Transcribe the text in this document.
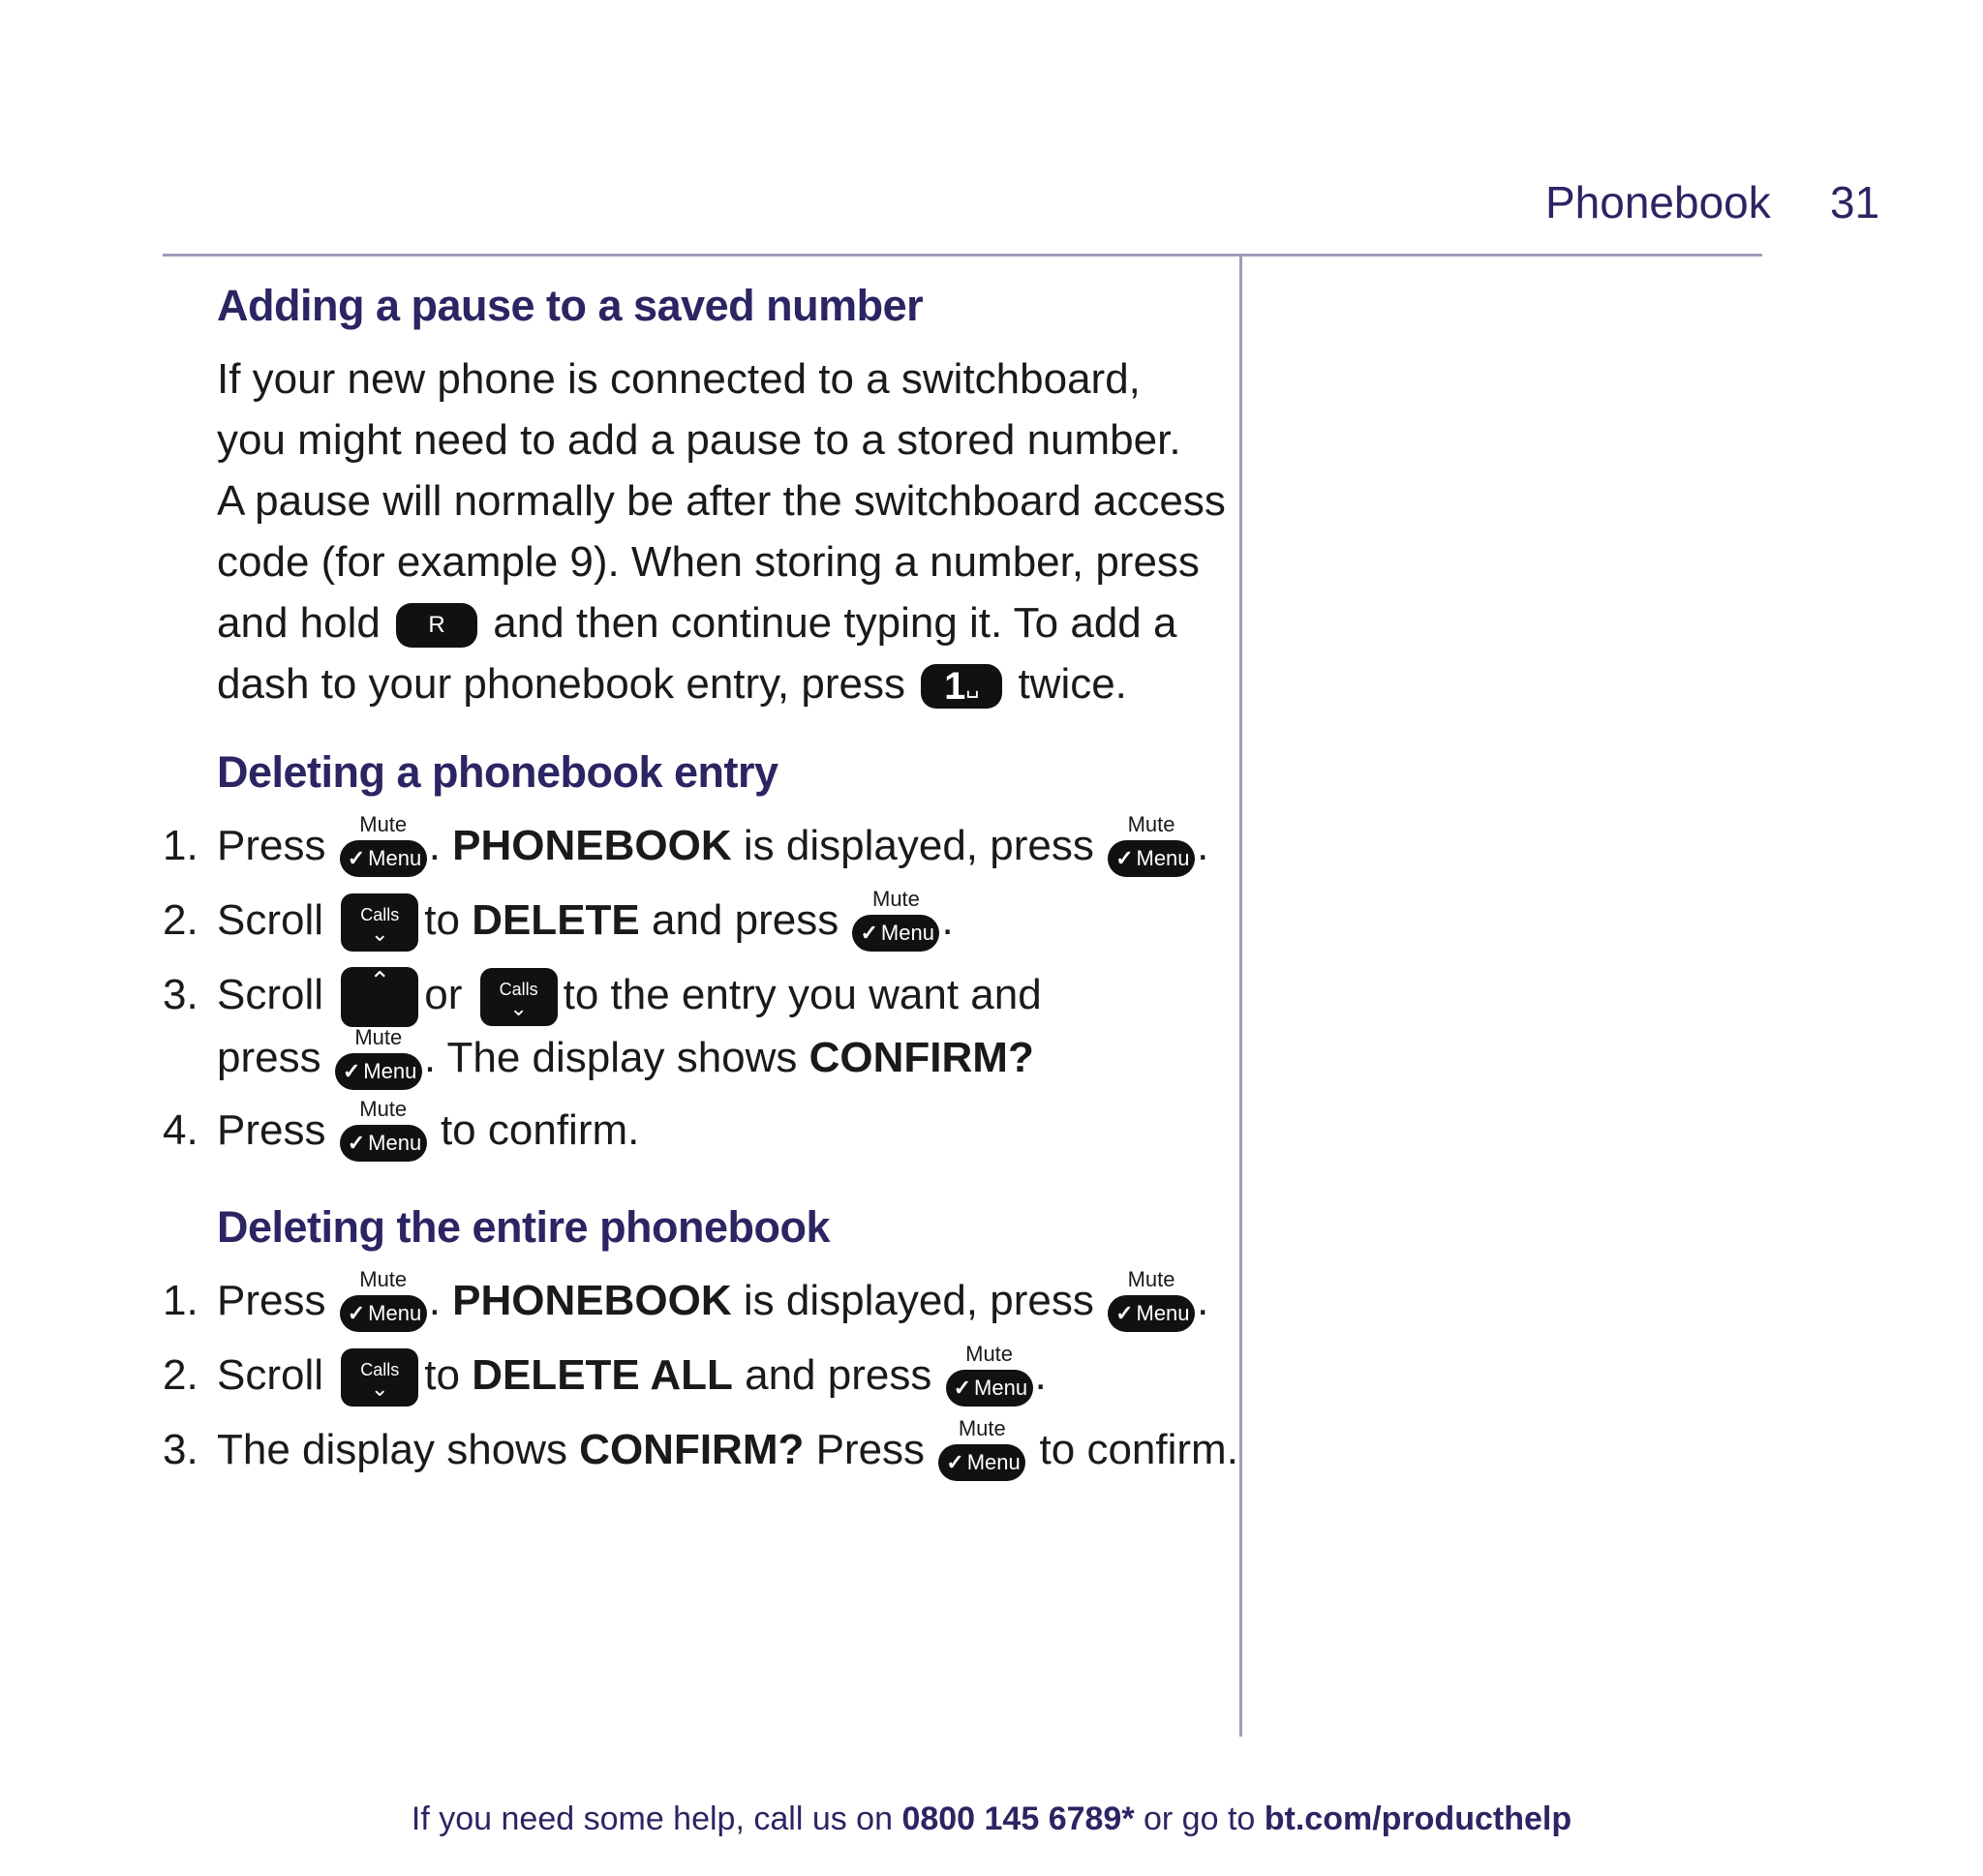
Phonebook 31
Adding a pause to a saved number
If your new phone is connected to a switchboard,
you might need to add a pause to a stored number.
A pause will normally be after the switchboard access
code (for example 9). When storing a number, press
and hold R and then continue typing it. To add a
dash to your phonebook entry, press 1␣ twice.
Deleting a phonebook entry
1. Press	Mute
✓ Menu . PHONEBOOK is displayed, press	Mute
✓ Menu .
2. Scroll	Calls
⌄ to DELETE and press	Mute
✓ Menu .
3. Scroll	⌃ or	Calls
⌄ to the entry you want and
press	Mute
✓ Menu . The display shows CONFIRM?
4. Press	Mute
✓ Menu to confirm.
Deleting the entire phonebook
1. Press	Mute
✓ Menu . PHONEBOOK is displayed, press	Mute
✓ Menu .
2. Scroll	Calls
⌄ to DELETE ALL and press	Mute
✓ Menu .
3. The display shows CONFIRM? Press	Mute
✓ Menu to confirm.
If you need some help, call us on 0800 145 6789* or go to bt.com/producthelp
